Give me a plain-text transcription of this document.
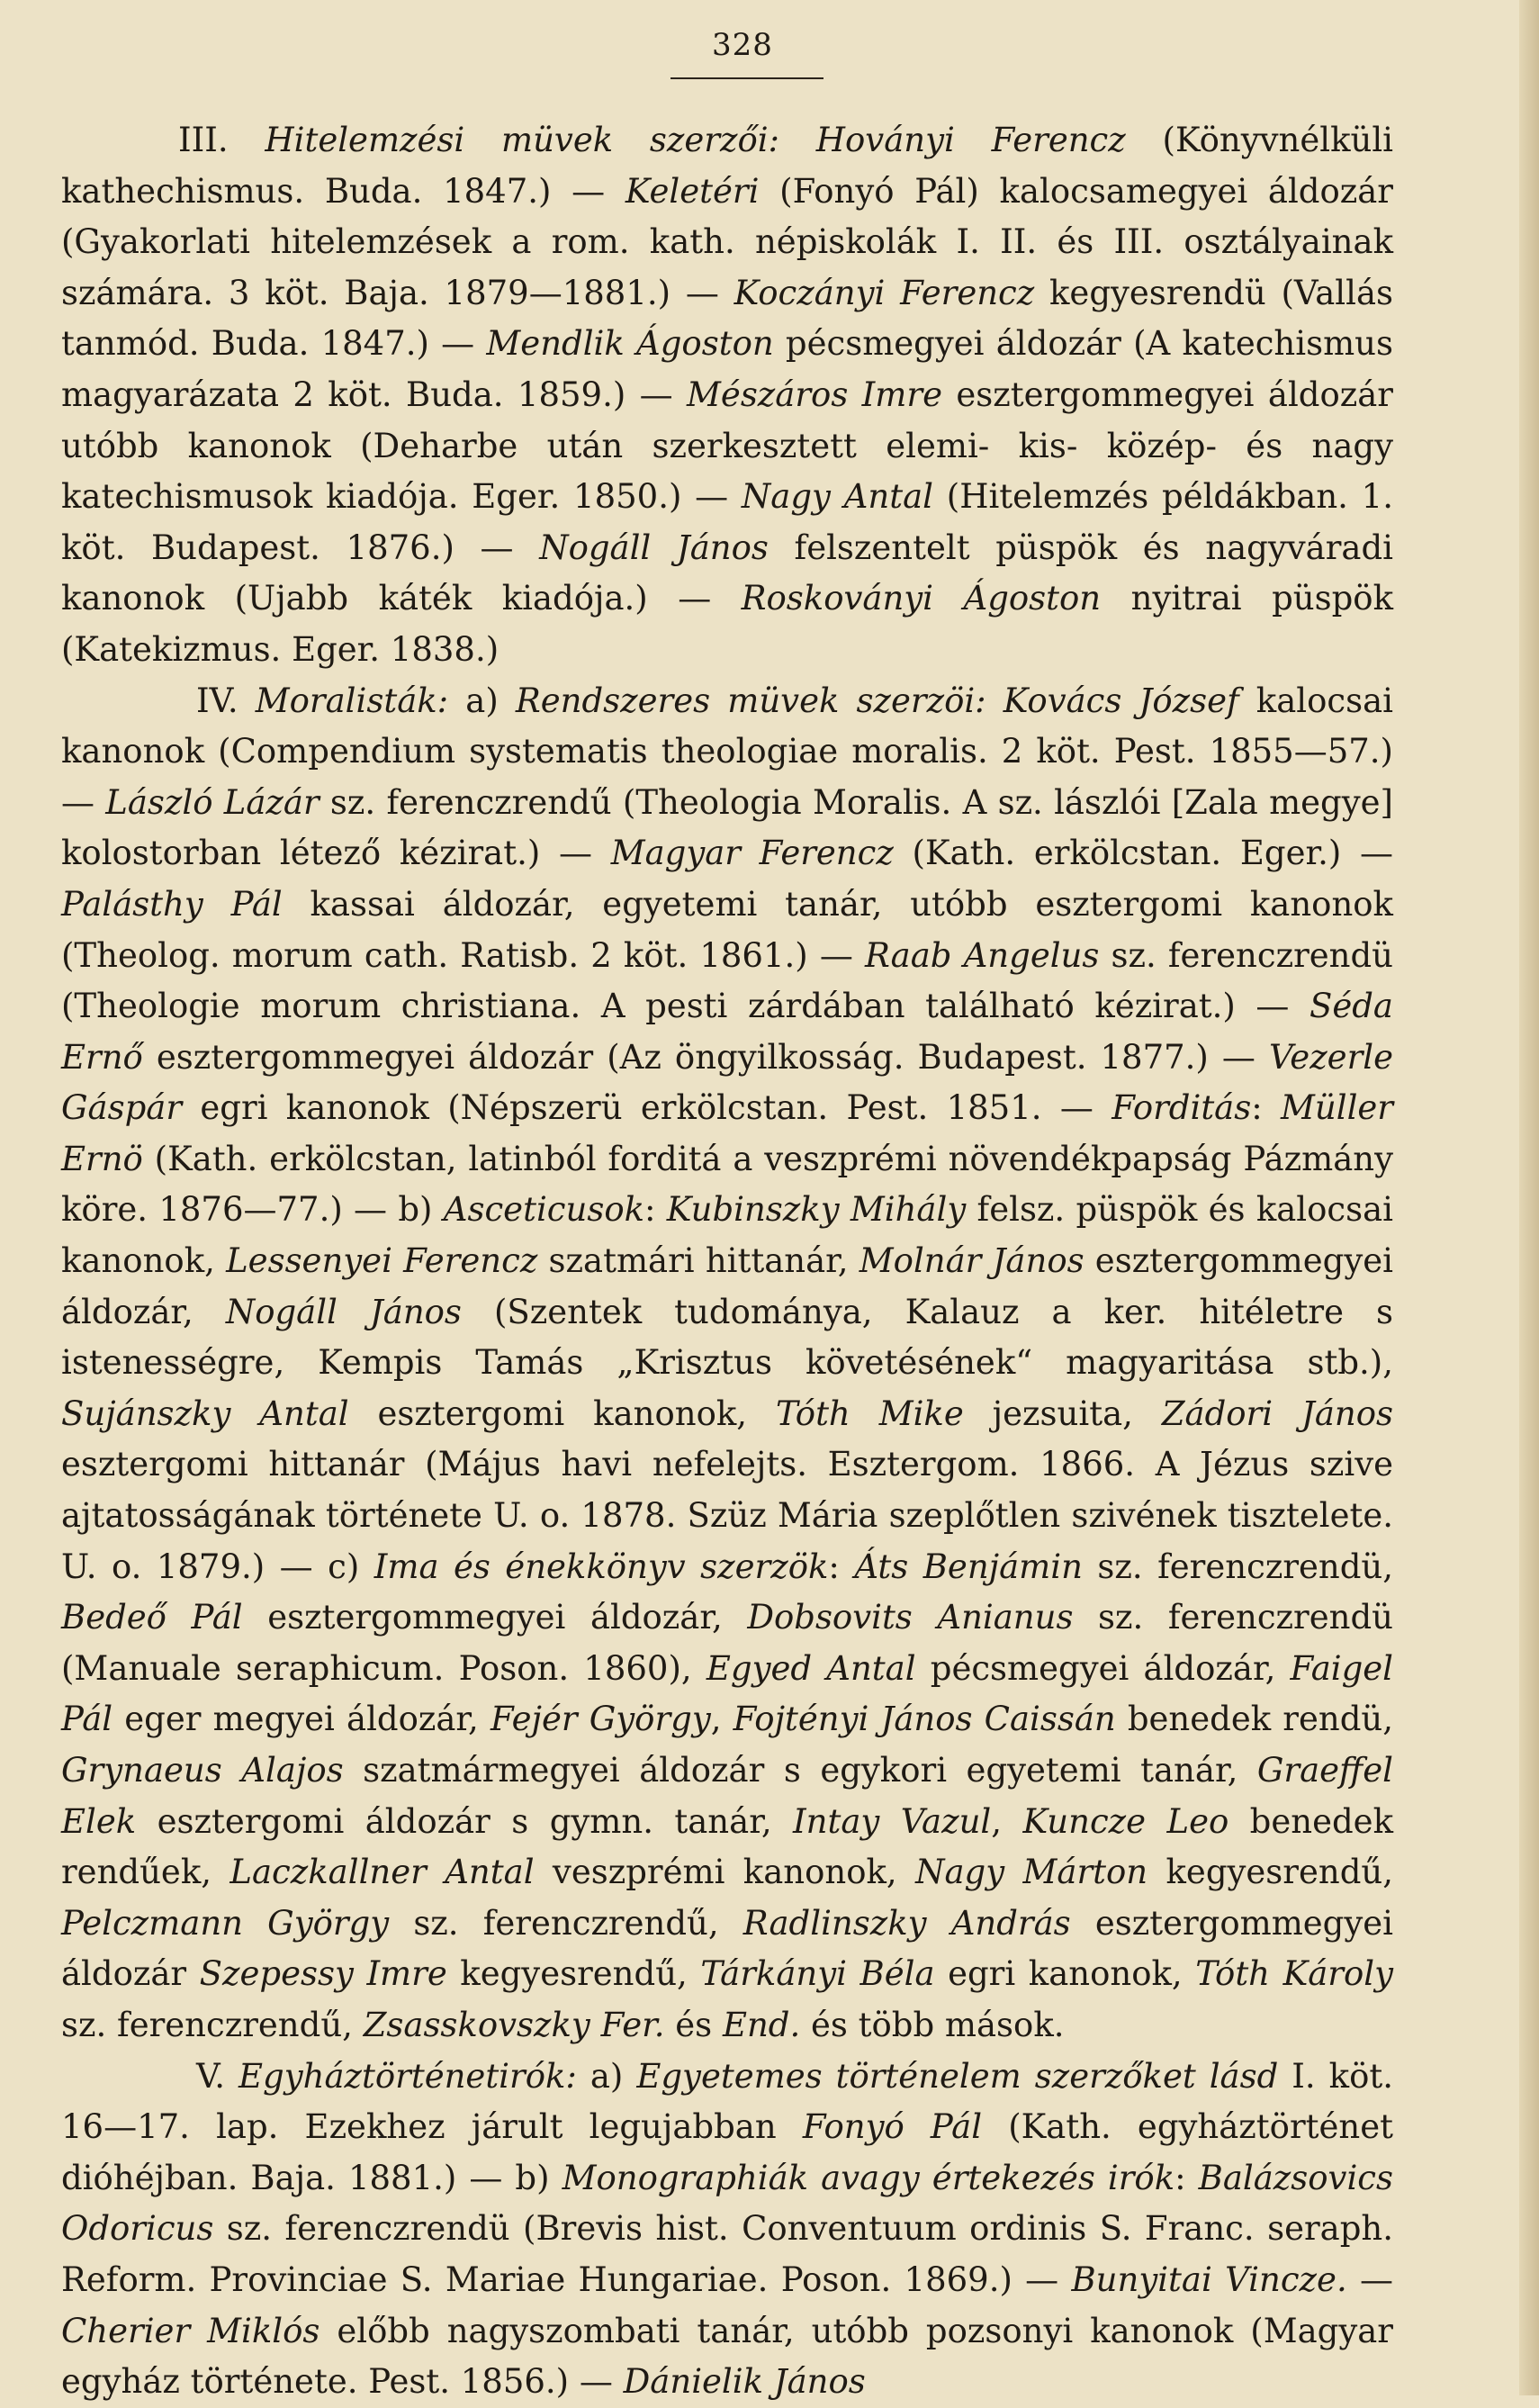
328

III. Hitelemzési müvek szerzői: Hoványi Ferencz (Könyvnélküli kathechismus. Buda. 1847.) — Keletéri (Fonyó Pál) kalocsamegyei áldozár (Gyakorlati hitelemzések a rom. kath. népiskolák I. II. és III. osztályainak számára. 3 köt. Baja. 1879—1881.) — Koczányi Ferencz kegyesrendü (Vallás tanmód. Buda. 1847.) — Mendlik Ágoston pécsmegyei áldozár (A katechismus magyarázata 2 köt. Buda. 1859.) — Mészáros Imre esztergommegyei áldozár utóbb kanonok (Deharbe után szerkesztett elemi- kis- közép- és nagy katechismusok kiadója. Eger. 1850.) — Nagy Antal (Hitelemzés példákban. 1. köt. Budapest. 1876.) — Nogáll János felszentelt püspök és nagyváradi kanonok (Ujabb káték kiadója.) — Roskoványi Ágoston nyitrai püspök (Katekizmus. Eger. 1838.)

IV. Moralisták: a) Rendszeres müvek szerzöi: Kovács József kalocsai kanonok (Compendium systematis theologiae moralis. 2 köt. Pest. 1855—57.) — László Lázár sz. ferenczrendű (Theologia Moralis. A sz. lászlói [Zala megye] kolostorban létező kézirat.) — Magyar Ferencz (Kath. erkölcstan. Eger.) — Palásthy Pál kassai áldozár, egyetemi tanár, utóbb esztergomi kanonok (Theolog. morum cath. Ratisb. 2 köt. 1861.) — Raab Angelus sz. ferenczrendü (Theologie morum christiana. A pesti zárdában található kézirat.) — Séda Ernő esztergommegyei áldozár (Az öngyilkosság. Budapest. 1877.) — Vezerle Gáspár egri kanonok (Népszerü erkölcstan. Pest. 1851. — Forditás: Müller Ernö (Kath. erkölcstan, latinból forditá a veszprémi növendékpapság Pázmány köre. 1876—77.) — b) Asceticusok: Kubinszky Mihály felsz. püspök és kalocsai kanonok, Lessenyei Ferencz szatmári hittanár, Molnár János esztergommegyei áldozár, Nogáll János (Szentek tudománya, Kalauz a ker. hitéletre s istenességre, Kempis Tamás „Krisztus követésének“ magyaritása stb.), Sujánszky Antal esztergomi kanonok, Tóth Mike jezsuita, Zádori János esztergomi hittanár (Május havi nefelejts. Esztergom. 1866. A Jézus szive ajtatosságának története U. o. 1878. Szüz Mária szeplőtlen szivének tisztelete. U. o. 1879.) — c) Ima és énekkönyv szerzök: Áts Benjámin sz. ferenczrendü, Bedeő Pál esztergommegyei áldozár, Dobsovits Anianus sz. ferenczrendü (Manuale seraphicum. Poson. 1860), Egyed Antal pécsmegyei áldozár, Faigel Pál eger megyei áldozár, Fejér György, Fojtényi János Caissán benedek rendü, Grynaeus Alajos szatmármegyei áldozár s egykori egyetemi tanár, Graeffel Elek esztergomi áldozár s gymn. tanár, Intay Vazul, Kuncze Leo benedek rendűek, Laczkallner Antal veszprémi kanonok, Nagy Márton kegyesrendű, Pelczmann György sz. ferenczrendű, Radlinszky András esztergommegyei áldozár Szepessy Imre kegyesrendű, Tárkányi Béla egri kanonok, Tóth Károly sz. ferenczrendű, Zsasskovszky Fer. és End. és több mások.

V. Egyháztörténetirók: a) Egyetemes történelem szerzőket lásd I. köt. 16—17. lap. Ezekhez járult legujabban Fonyó Pál (Kath. egyháztörténet dióhéjban. Baja. 1881.) — b) Monographiák avagy értekezés irók: Balázsovics Odoricus sz. ferenczrendü (Brevis hist. Conventuum ordinis S. Franc. seraph. Reform. Provinciae S. Mariae Hungariae. Poson. 1869.) — Bunyitai Vincze. — Cherier Miklós előbb nagyszombati tanár, utóbb pozsonyi kanonok (Magyar egyház története. Pest. 1856.) — Dánielik János
